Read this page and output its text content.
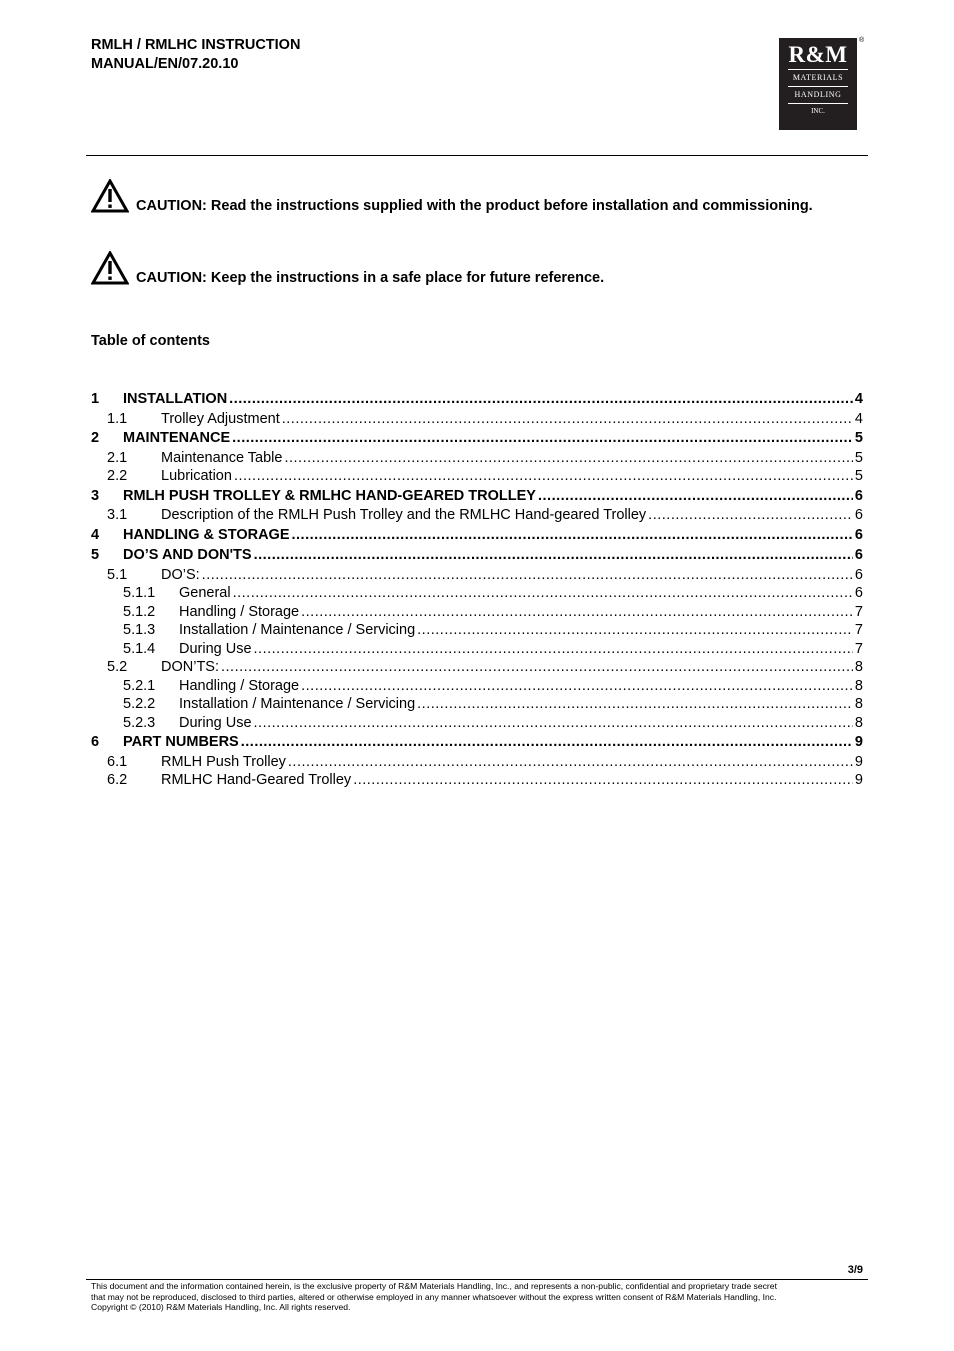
RMLH / RMLHC INSTRUCTION
MANUAL/EN/07.20.10	R&M
MATERIALS
HANDLING
INC.
®
CAUTION: Read the instructions supplied with the product before installation and commissioning.
CAUTION: Keep the instructions in a safe place for future reference.
Table of contents
1	INSTALLATION .....	4
1.1	Trolley Adjustment .....	4
2	MAINTENANCE .....	5
2.1	Maintenance Table .....	5
2.2	Lubrication .....	5
3	RMLH PUSH TROLLEY & RMLHC HAND-GEARED TROLLEY .....	6
3.1	Description of the RMLH Push Trolley and the RMLHC Hand-geared Trolley .....	6
4	HANDLING & STORAGE .....	6
5	DO’S AND DON'TS .....	6
5.1	DO’S: .....	6
5.1.1	General .....	6
5.1.2	Handling / Storage .....	7
5.1.3	Installation / Maintenance / Servicing .....	7
5.1.4	During Use .....	7
5.2	DON’TS: .....	8
5.2.1	Handling / Storage .....	8
5.2.2	Installation / Maintenance / Servicing .....	8
5.2.3	During Use .....	8
6	PART NUMBERS .....	9
6.1	RMLH Push Trolley .....	9
6.2	RMLHC Hand-Geared Trolley .....	9
3/9
This document and the information contained herein, is the exclusive property of R&M Materials Handling, Inc., and represents a non-public, confidential and proprietary trade secret
that may not be reproduced, disclosed to third parties, altered or otherwise employed in any manner whatsoever without the express written consent of R&M Materials Handling, Inc.
Copyright © (2010) R&M Materials Handling, Inc. All rights reserved.
